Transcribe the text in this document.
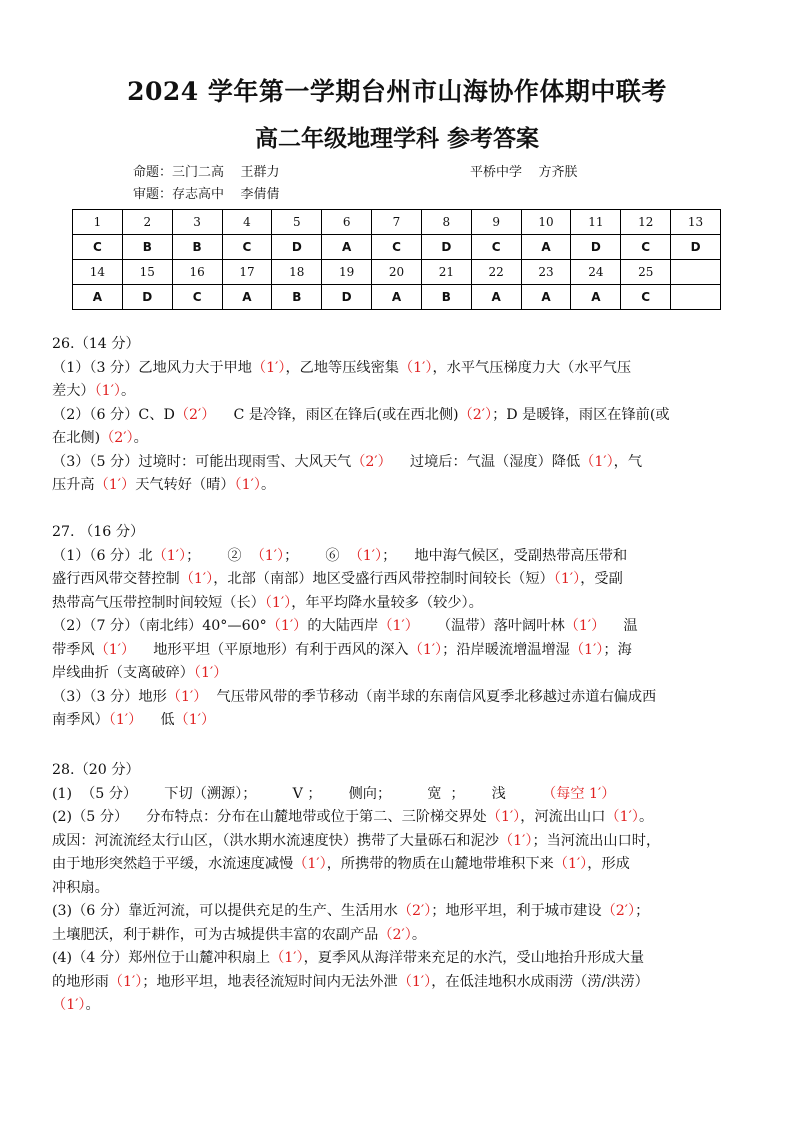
2024 学年第一学期台州市山海协作体期中联考
高二年级地理学科 参考答案
命题：三门二高    王群力	平桥中学    方齐朕
审题：存志高中    李倩倩
1	2	3	4	5	6	7	8	9	10	11	12	13
C	B	B	C	D	A	C	D	C	A	D	C	D
14	15	16	17	18	19	20	21	22	23	24	25	
A	D	C	A	B	D	A	B	A	A	A	C	

26.（14 分）

（1）（3 分）乙地风力大于甲地（1′），乙地等压线密集（1′），水平气压梯度力大（水平气压

差大）（1′）。

（2）（6 分）C、D（2′）    C 是冷锋，雨区在锋后(或在西北侧)（2′）；D 是暖锋，雨区在锋前(或

在北侧)（2′）。

（3）（5 分）过境时：可能出现雨雪、大风天气（2′）    过境后：气温（湿度）降低（1′），气

压升高（1′）天气转好（晴）（1′）。

27. （16 分）

（1）（6 分）北（1′）；      ②  （1′）；      ⑥  （1′）；    地中海气候区，受副热带高压带和

盛行西风带交替控制（1′），北部（南部）地区受盛行西风带控制时间较长（短）（1′），受副

热带高气压带控制时间较短（长）（1′），年平均降水量较多（较少）。

（2）（7 分）（南北纬）40°—60°（1′）的大陆西岸（1′）    （温带）落叶阔叶林（1′）    温

带季风（1′）    地形平坦（平原地形）有利于西风的深入（1′）；沿岸暖流增温增湿（1′）；海

岸线曲折（支离破碎）（1′）

（3）（3 分）地形（1′）  气压带风带的季节移动（南半球的东南信风夏季北移越过赤道右偏成西

南季风）（1′）    低（1′）

28.（20 分）

(1)  （5 分）      下切（溯源）；        V ；      侧向；        宽  ；      浅        （每空 1′）

(2)（5 分）    分布特点：分布在山麓地带或位于第二、三阶梯交界处（1′），河流出山口（1′）。

成因：河流流经太行山区，（洪水期水流速度快）携带了大量砾石和泥沙（1′）；当河流出山口时，

由于地形突然趋于平缓，水流速度减慢（1′），所携带的物质在山麓地带堆积下来（1′），形成

冲积扇。

(3)（6 分）靠近河流，可以提供充足的生产、生活用水（2′）；地形平坦，利于城市建设（2′）；

土壤肥沃，利于耕作，可为古城提供丰富的农副产品（2′）。

(4)（4 分）郑州位于山麓冲积扇上（1′），夏季风从海洋带来充足的水汽，受山地抬升形成大量

的地形雨（1′）；地形平坦，地表径流短时间内无法外泄（1′），在低洼地积水成雨涝（涝/洪涝）

（1′）。
